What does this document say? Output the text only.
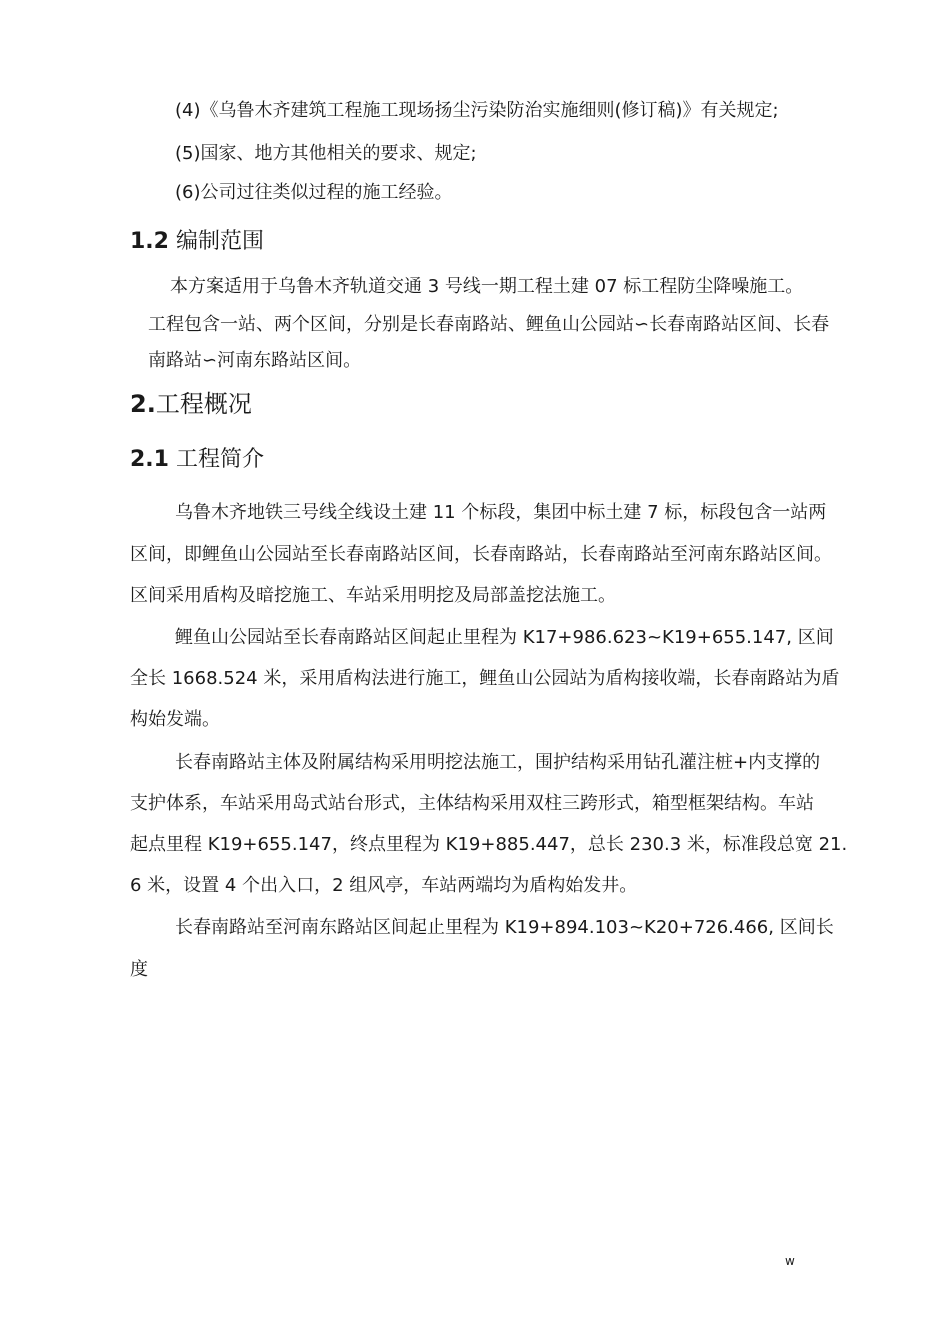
(4)《乌鲁木齐建筑工程施工现场扬尘污染防治实施细则(修订稿)》有关规定;
(5)国家、地方其他相关的要求、规定;
(6)公司过往类似过程的施工经验。
1.2 编制范围
本方案适用于乌鲁木齐轨道交通 3 号线一期工程土建 07 标工程防尘降噪施工。
工程包含一站、两个区间，分别是长春南路站、鲤鱼山公园站∽长春南路站区间、长春
南路站∽河南东路站区间。
2.工程概况
2.1 工程简介
乌鲁木齐地铁三号线全线设土建 11 个标段，集团中标土建 7 标，标段包含一站两
区间，即鲤鱼山公园站至长春南路站区间，长春南路站，长春南路站至河南东路站区间。
区间采用盾构及暗挖施工、车站采用明挖及局部盖挖法施工。
鲤鱼山公园站至长春南路站区间起止里程为 K17+986.623~K19+655.147, 区间
全长 1668.524 米，采用盾构法进行施工，鲤鱼山公园站为盾构接收端，长春南路站为盾
构始发端。
长春南路站主体及附属结构采用明挖法施工，围护结构采用钻孔灌注桩+内支撑的
支护体系，车站采用岛式站台形式，主体结构采用双柱三跨形式，箱型框架结构。车站
起点里程 K19+655.147，终点里程为 K19+885.447，总长 230.3 米，标准段总宽 21.
6 米，设置 4 个出入口，2 组风亭，车站两端均为盾构始发井。
长春南路站至河南东路站区间起止里程为 K19+894.103~K20+726.466, 区间长
度
w
